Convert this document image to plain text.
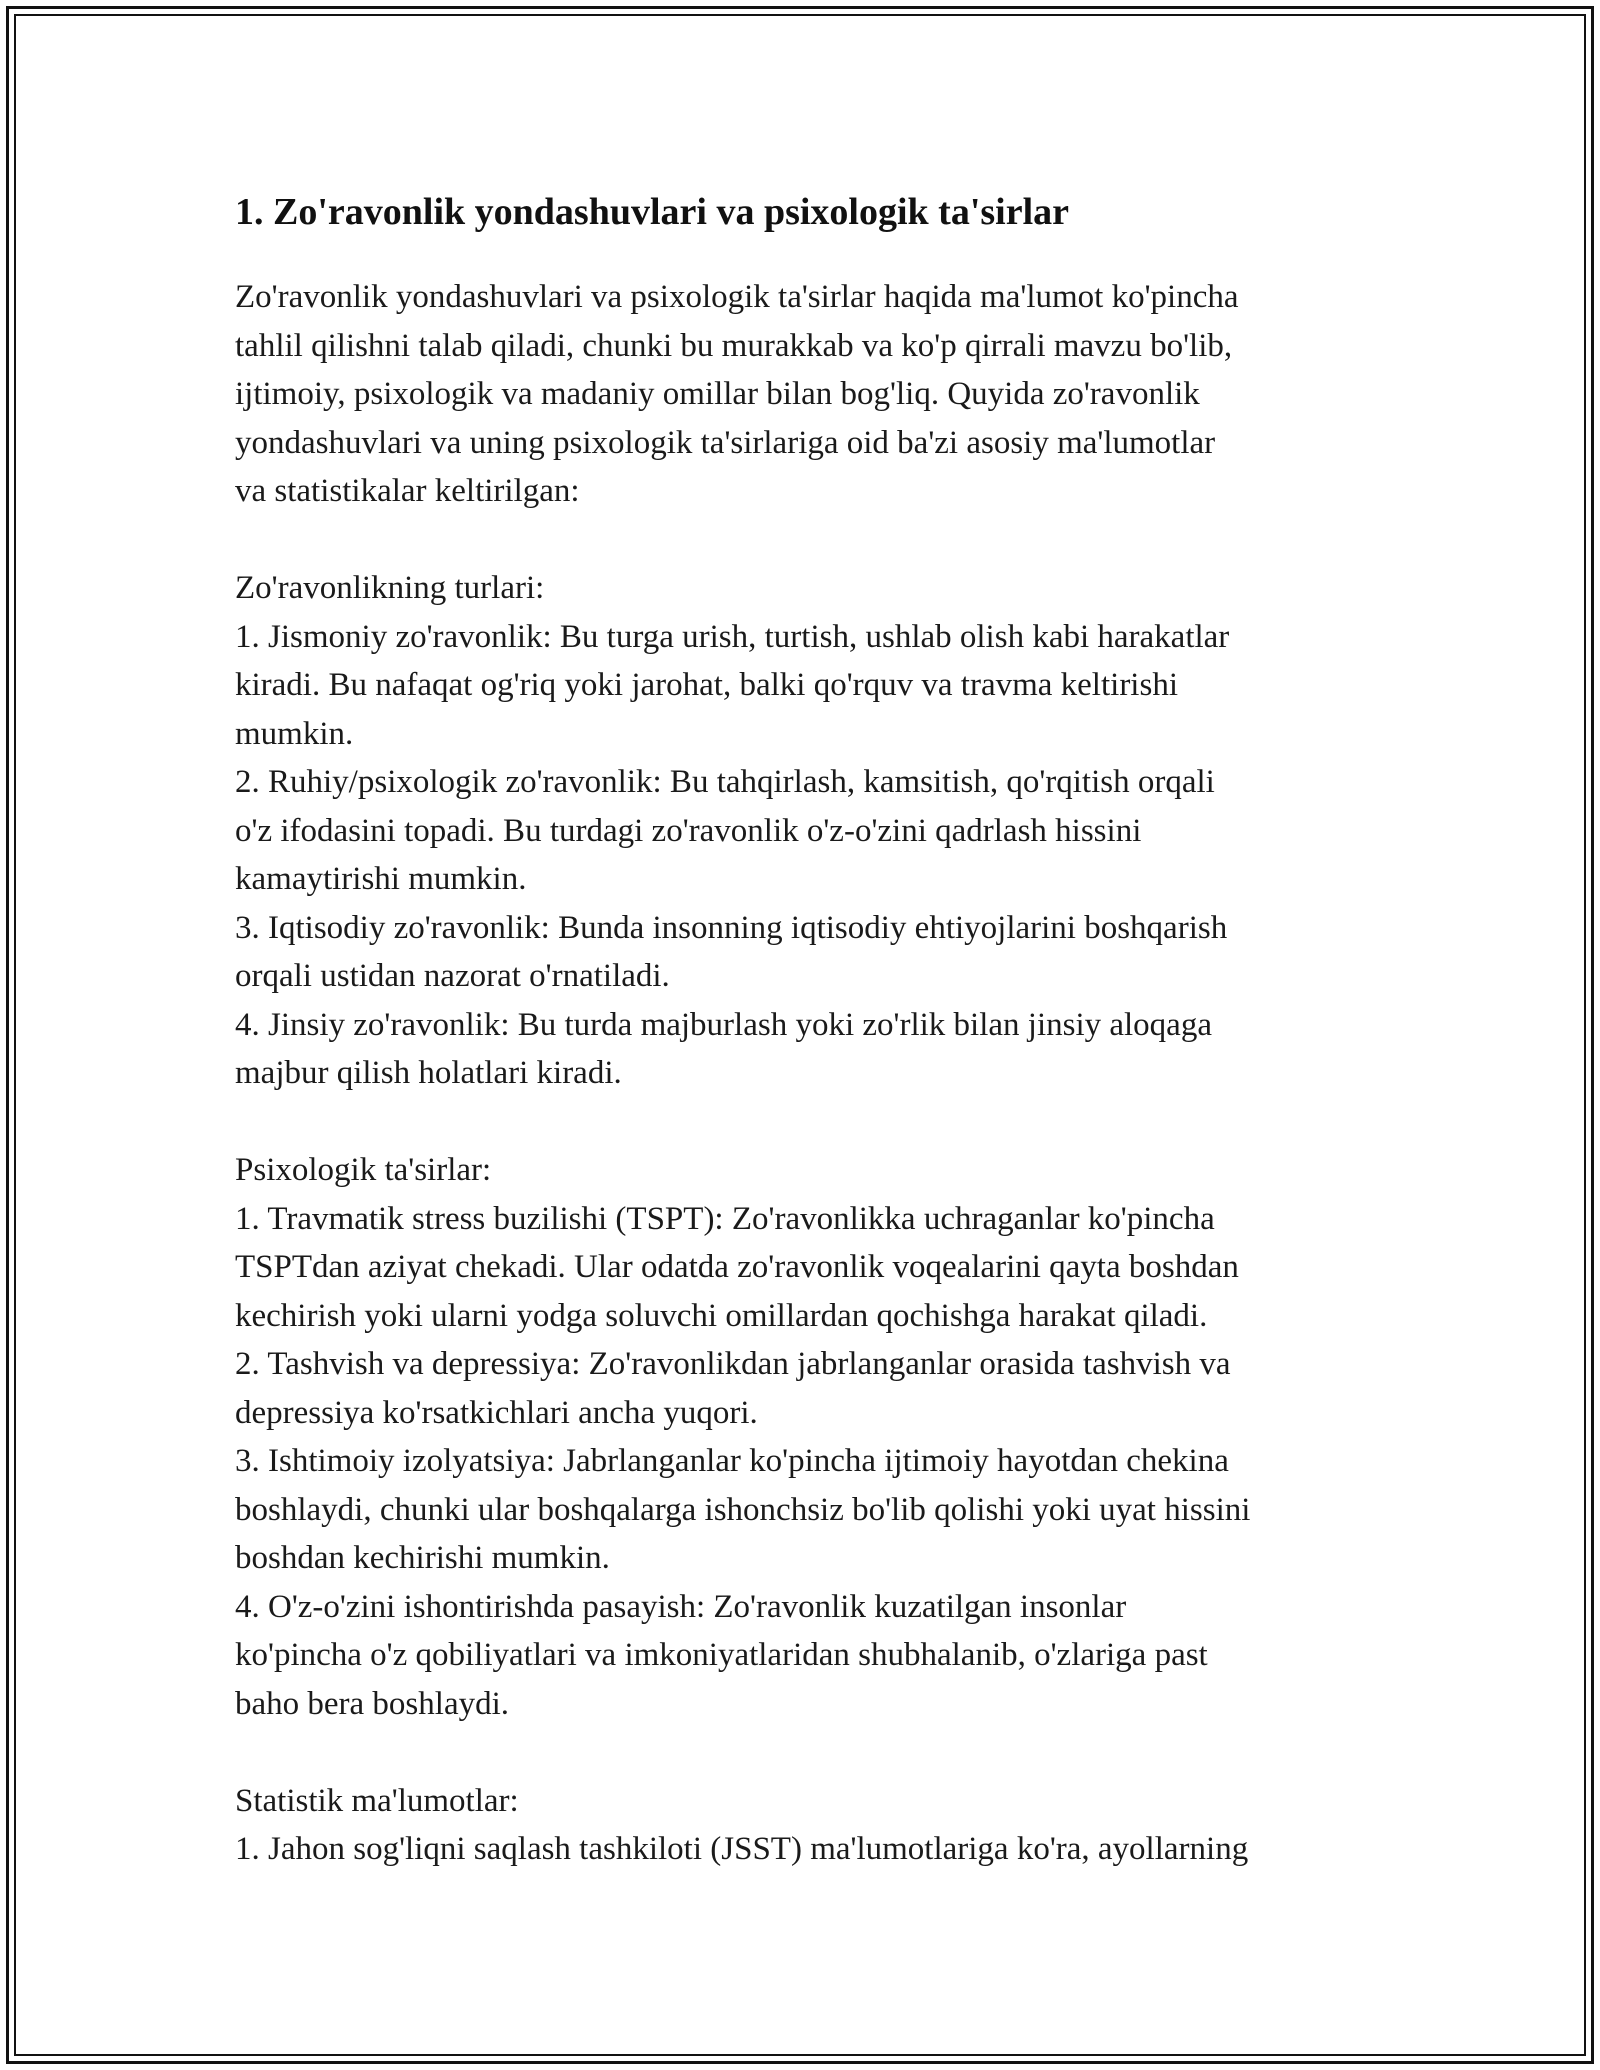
1. Zo'ravonlik yondashuvlari va psixologik ta'sirlar
Zo'ravonlik yondashuvlari va psixologik ta'sirlar haqida ma'lumot ko'pincha
tahlil qilishni talab qiladi, chunki bu murakkab va ko'p qirrali mavzu bo'lib,
ijtimoiy, psixologik va madaniy omillar bilan bog'liq. Quyida zo'ravonlik
yondashuvlari va uning psixologik ta'sirlariga oid ba'zi asosiy ma'lumotlar
va statistikalar keltirilgan:
Zo'ravonlikning turlari:
1. Jismoniy zo'ravonlik: Bu turga urish, turtish, ushlab olish kabi harakatlar
kiradi. Bu nafaqat og'riq yoki jarohat, balki qo'rquv va travma keltirishi
mumkin.
2. Ruhiy/psixologik zo'ravonlik: Bu tahqirlash, kamsitish, qo'rqitish orqali
o'z ifodasini topadi. Bu turdagi zo'ravonlik o'z-o'zini qadrlash hissini
kamaytirishi mumkin.
3. Iqtisodiy zo'ravonlik: Bunda insonning iqtisodiy ehtiyojlarini boshqarish
orqali ustidan nazorat o'rnatiladi.
4. Jinsiy zo'ravonlik: Bu turda majburlash yoki zo'rlik bilan jinsiy aloqaga
majbur qilish holatlari kiradi.
Psixologik ta'sirlar:
1. Travmatik stress buzilishi (TSPT): Zo'ravonlikka uchraganlar ko'pincha
TSPTdan aziyat chekadi. Ular odatda zo'ravonlik voqealarini qayta boshdan
kechirish yoki ularni yodga soluvchi omillardan qochishga harakat qiladi.
2. Tashvish va depressiya: Zo'ravonlikdan jabrlanganlar orasida tashvish va
depressiya ko'rsatkichlari ancha yuqori.
3. Ishtimoiy izolyatsiya: Jabrlanganlar ko'pincha ijtimoiy hayotdan chekina
boshlaydi, chunki ular boshqalarga ishonchsiz bo'lib qolishi yoki uyat hissini
boshdan kechirishi mumkin.
4. O'z-o'zini ishontirishda pasayish: Zo'ravonlik kuzatilgan insonlar
ko'pincha o'z qobiliyatlari va imkoniyatlaridan shubhalanib, o'zlariga past
baho bera boshlaydi.
Statistik ma'lumotlar:
1. Jahon sog'liqni saqlash tashkiloti (JSST) ma'lumotlariga ko'ra, ayollarning
